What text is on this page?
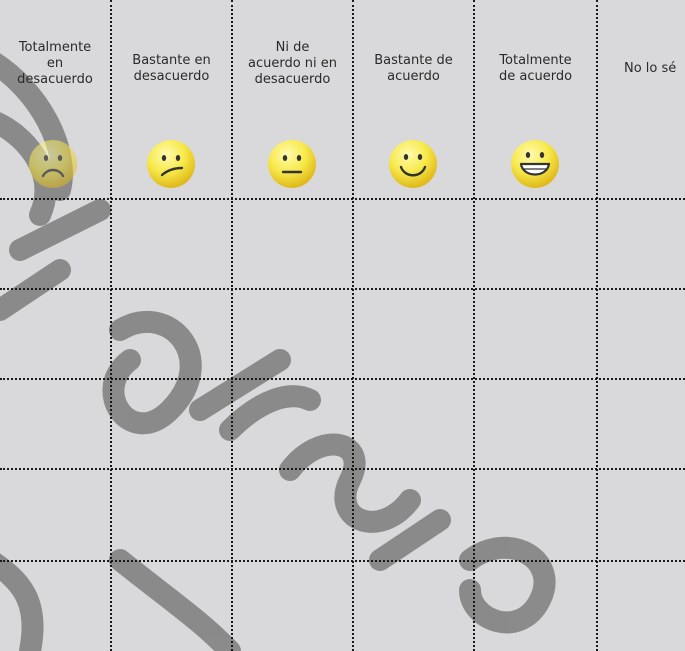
Totalmente
en
desacuerdo
Bastante en
desacuerdo
Ni de
acuerdo ni en
desacuerdo
Bastante de
acuerdo
Totalmente
de acuerdo
No lo sé
